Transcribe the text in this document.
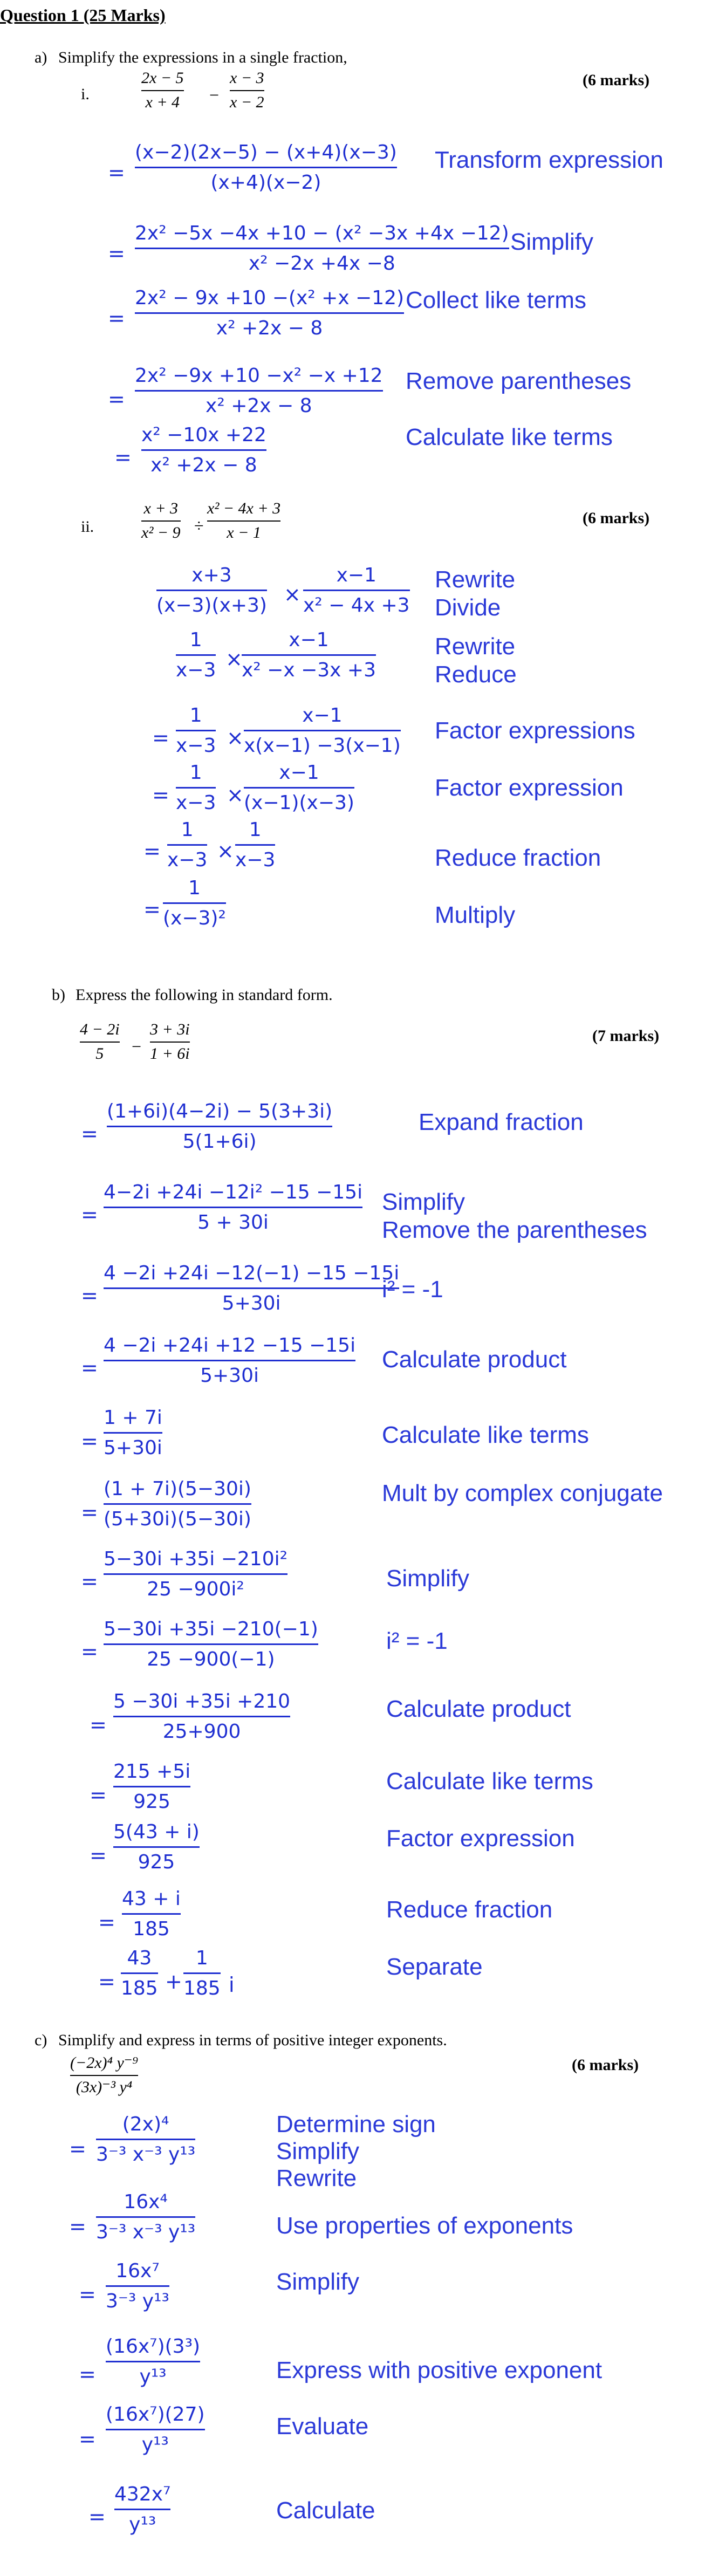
Question 1 (25 Marks)
a) Simplify the expressions in a single fraction,
i.
(6 marks)
2x − 5
x + 4 −
x − 3
x − 2
=
(x−2)(2x−5) − (x+4)(x−3)
(x+4)(x−2)
Transform expression
=
2x² −5x −4x +10 − (x² −3x +4x −12)
x² −2x +4x −8
Simplify
=
2x² − 9x +10 −(x² +x −12)
x² +2x − 8
Collect like terms
=
2x² −9x +10 −x² −x +12
x² +2x − 8
Remove parentheses
=
x² −10x +22
x² +2x − 8
Calculate like terms
ii.	(6 marks)
x + 3
x² − 9 ÷
x² − 4x + 3
x − 1
x+3
(x−3)(x+3) ×
x−1
x² − 4x +3
Rewrite
Divide
1
x−3 ×
x−1
x² −x −3x +3
Rewrite
Reduce
=
1
x−3 ×
x−1
x(x−1) −3(x−1)
Factor expressions
=
1
x−3 ×
x−1
(x−1)(x−3)
Factor expression
=
1
x−3 ×
1
x−3	Reduce fraction
=
1
(x−3)²	Multiply
b) Express the following in standard form.
(7 marks)
4 − 2i
5 −
3 + 3i
1 + 6i
=
(1+6i)(4−2i) − 5(3+3i)
5(1+6i)
Expand fraction
=
4−2i +24i −12i² −15 −15i
5 + 30i
Simplify
Remove the parentheses
=
4 −2i +24i −12(−1) −15 −15i
5+30i
i² = -1
=
4 −2i +24i +12 −15 −15i
5+30i
Calculate product
=
1 + 7i
5+30i	Calculate like terms
=
(1 + 7i)(5−30i)
(5+30i)(5−30i)
Mult by complex conjugate
=
5−30i +35i −210i²
25 −900i²	Simplify
=
5−30i +35i −210(−1)
25 −900(−1)
i² = -1
=
5 −30i +35i +210
25+900
Calculate product
=
215 +5i
925
Calculate like terms
=
5(43 + i)
925
Factor expression
=
43 + i
185
Reduce fraction
=
43
185 +
1
185 i
Separate
c) Simplify and express in terms of positive integer exponents.
(6 marks)
(−2x)⁴ y⁻⁹
(3x)⁻³ y⁴
=
(2x)⁴
3⁻³ x⁻³ y¹³
Determine sign
Simplify
Rewrite
=
16x⁴
3⁻³ x⁻³ y¹³	Use properties of exponents
=
16x⁷
3⁻³ y¹³
Simplify
=
(16x⁷)(3³)
y¹³	Express with positive exponent
=
(16x⁷)(27)
y¹³
Evaluate
=
432x⁷
y¹³
Calculate
